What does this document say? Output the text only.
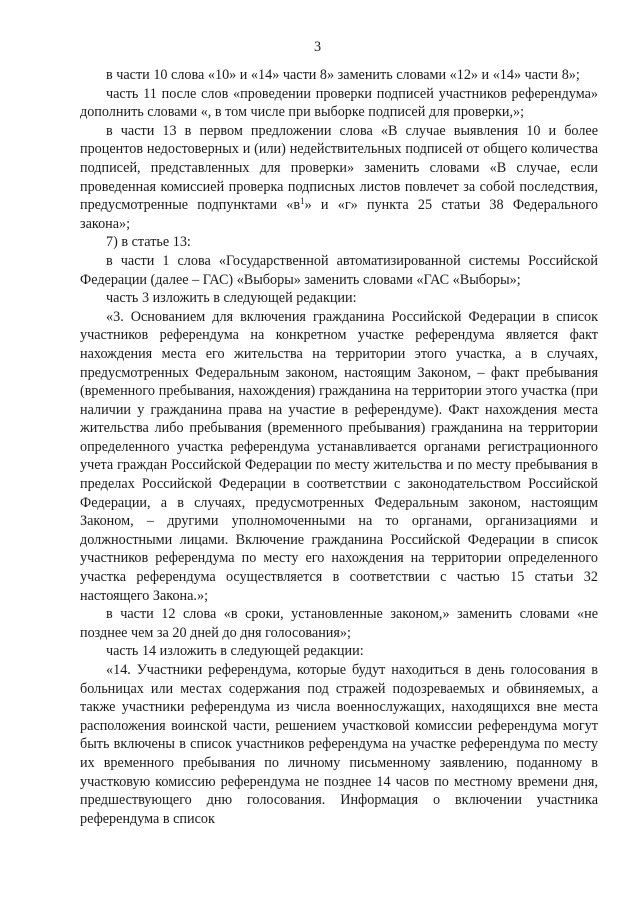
3

в части 10 слова «10» и «14» части 8» заменить словами «12» и «14» части 8»;

часть 11 после слов «проведении проверки подписей участников референдума» дополнить словами «, в том числе при выборке подписей для проверки,»;

в части 13 в первом предложении слова «В случае выявления 10 и более процентов недостоверных и (или) недействительных подписей от общего количества подписей, представленных для проверки» заменить словами «В случае, если проведенная комиссией проверка подписных листов повлечет за собой последствия, предусмотренные подпунктами «$в^1$» и «г» пункта 25 статьи 38 Федерального закона»;

7) в статье 13:

в части 1 слова «Государственной автоматизированной системы Российской Федерации (далее – ГАС) «Выборы» заменить словами «ГАС «Выборы»;

часть 3 изложить в следующей редакции:

«3. Основанием для включения гражданина Российской Федерации в список участников референдума на конкретном участке референдума является факт нахождения места его жительства на территории этого участка, а в случаях, предусмотренных Федеральным законом, настоящим Законом, – факт пребывания (временного пребывания, нахождения) гражданина на территории этого участка (при наличии у гражданина права на участие в референдуме). Факт нахождения места жительства либо пребывания (временного пребывания) гражданина на территории определенного участка референдума устанавливается органами регистрационного учета граждан Российской Федерации по месту жительства и по месту пребывания в пределах Российской Федерации в соответствии с законодательством Российской Федерации, а в случаях, предусмотренных Федеральным законом, настоящим Законом, – другими уполномоченными на то органами, организациями и должностными лицами. Включение гражданина Российской Федерации в список участников референдума по месту его нахождения на территории определенного участка референдума осуществляется в соответствии с частью 15 статьи 32 настоящего Закона.»;

в части 12 слова «в сроки, установленные законом,» заменить словами «не позднее чем за 20 дней до дня голосования»;

часть 14 изложить в следующей редакции:

«14. Участники референдума, которые будут находиться в день голосования в больницах или местах содержания под стражей подозреваемых и обвиняемых, а также участники референдума из числа военнослужащих, находящихся вне места расположения воинской части, решением участковой комиссии референдума могут быть включены в список участников референдума на участке референдума по месту их временного пребывания по личному письменному заявлению, поданному в участковую комиссию референдума не позднее 14 часов по местному времени дня, предшествующего дню голосования. Информация о включении участника референдума в список
